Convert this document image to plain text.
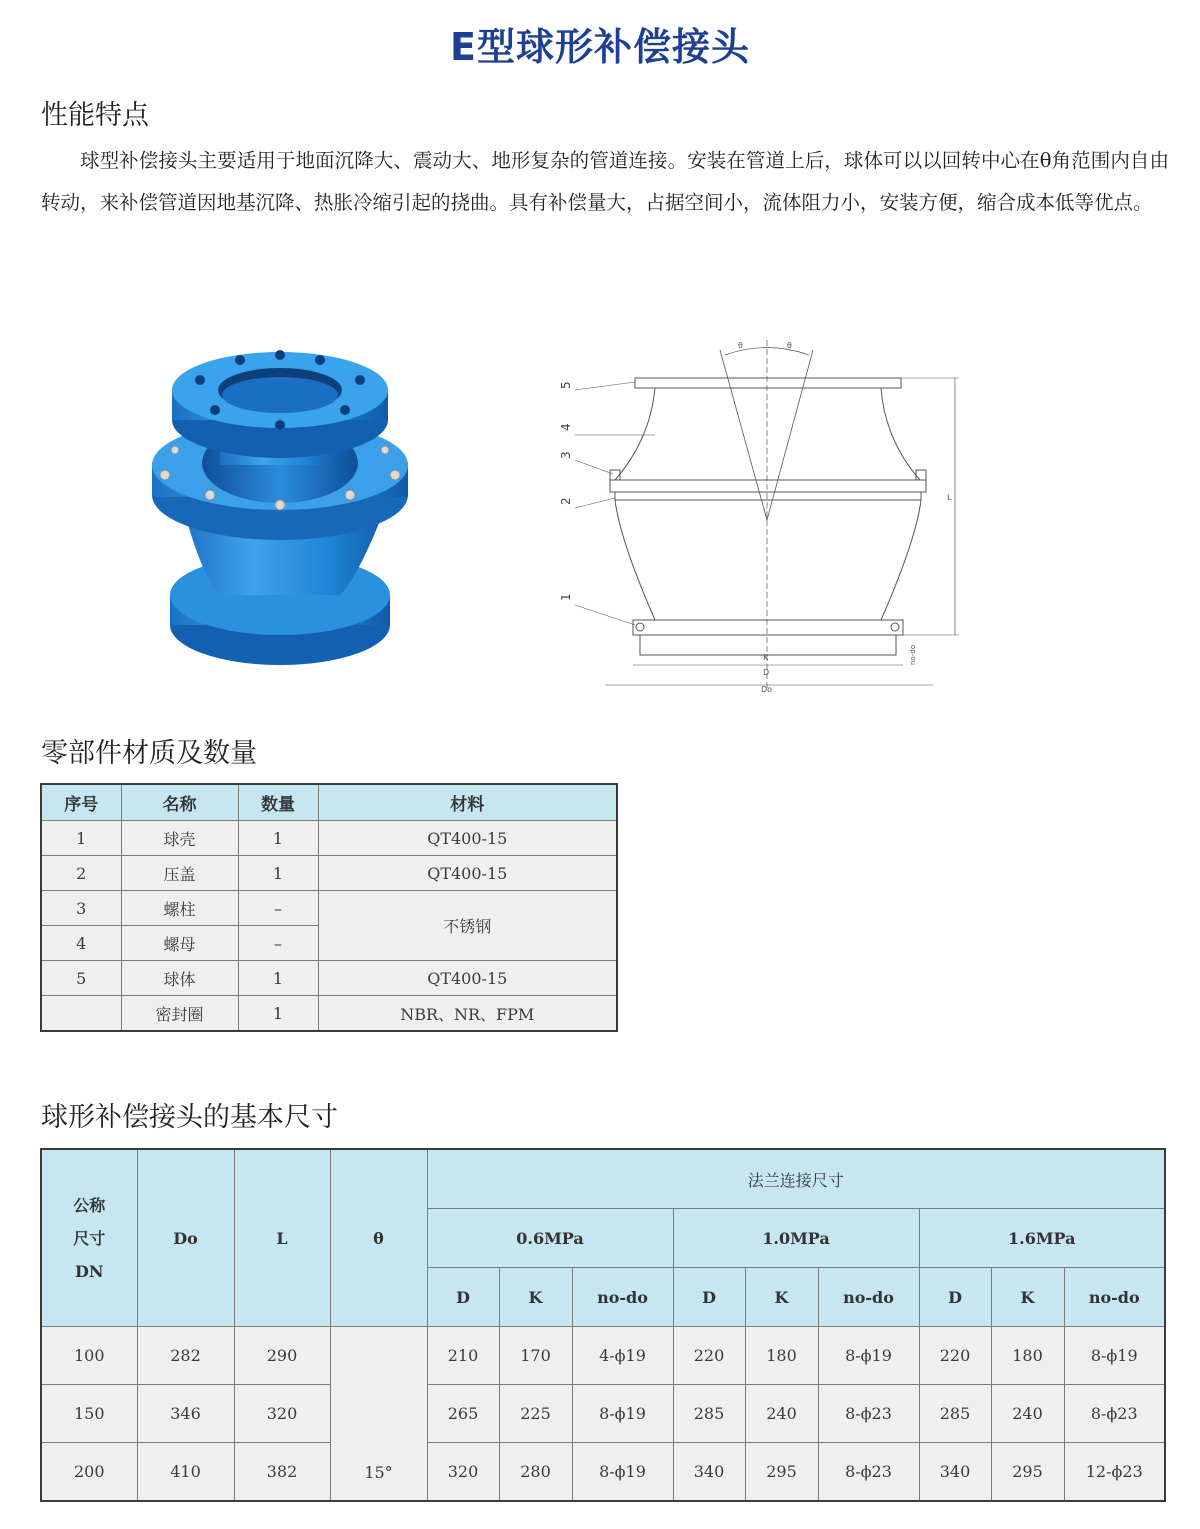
E型球形补偿接头
性能特点
球型补偿接头主要适用于地面沉降大、震动大、地形复杂的管道连接。安装在管道上后，球体可以以回转中心在θ角范围内自由转动，来补偿管道因地基沉降、热胀冷缩引起的挠曲。具有补偿量大，占据空间小，流体阻力小，安装方便，缩合成本低等优点。
θ	θ
L
K
D
Do
no-do
5
4
3
2
1
零部件材质及数量
序号	名称	数量	材料
1	球壳	1	QT400-15
2	压盖	1	QT400-15
3	螺柱	–	不锈钢
4	螺母	–	
5	球体	1	QT400-15
	密封圈	1	NBR、NR、FPM
球形补偿接头的基本尺寸
公称
尺寸
DN	Do	L	θ	法兰连接尺寸								
				0.6MPa			1.0MPa			1.6MPa		
				D	K	no-do	D	K	no-do	D	K	no-do
100	282	290	15°	210	170	4-ϕ19	220	180	8-ϕ19	220	180	8-ϕ19
150	346	320		265	225	8-ϕ19	285	240	8-ϕ23	285	240	8-ϕ23
200	410	382		320	280	8-ϕ19	340	295	8-ϕ23	340	295	12-ϕ23
